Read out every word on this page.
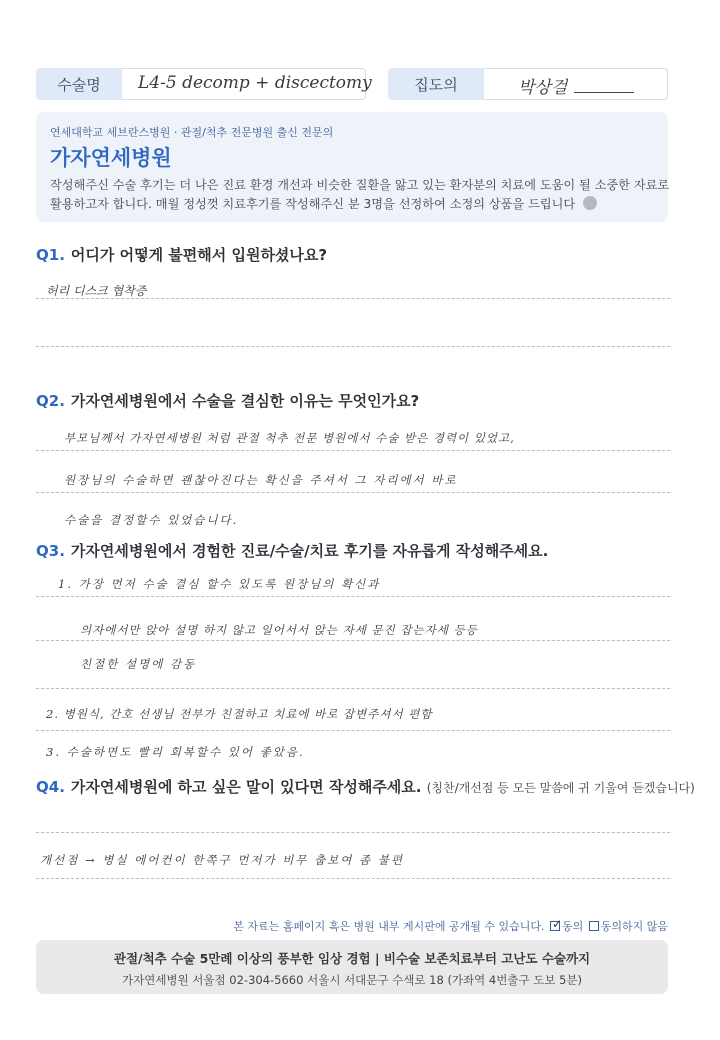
수술명	L4-5 decomp + discectomy	집도의	박상걸
연세대학교 세브란스병원 · 관절/척추 전문병원 출신 전문의
가자연세병원
작성해주신 수술 후기는 더 나은 진료 환경 개선과 비슷한 질환을 앓고 있는 환자분의 치료에 도움이 될 소중한 자료로 활용하고자 합니다. 매월 정성껏 치료후기를 작성해주신 분 3명을 선정하여 소정의 상품을 드립니다
Q1. 어디가 어떻게 불편해서 입원하셨나요?
허리 디스크 협착증
Q2. 가자연세병원에서 수술을 결심한 이유는 무엇인가요?
부모님께서 가자연세병원 처럼 관절 척추 전문 병원에서 수술 받은 경력이 있었고,
원장님의 수술하면 괜찮아진다는 확신을 주셔서 그 자리에서 바로
수술을 결정할수 있었습니다.
Q3. 가자연세병원에서 경험한 진료/수술/치료 후기를 자유롭게 작성해주세요.
1. 가장 먼저 수술 결심 할수 있도록 원장님의 확신과
의자에서만 앉아 설명 하지 않고 일어서서 앉는 자세 문진 잡는자세 등등
친절한 설명에 감동
2. 병원식, 간호 선생님 전부가 친절하고 치료에 바로 잡변주셔서 편함
3. 수술하면도 빨리 회복할수 있어 좋았음.
Q4. 가자연세병원에 하고 싶은 말이 있다면 작성해주세요. (칭찬/개선점 등 모든 말씀에 귀 기울여 듣겠습니다)
개선점 → 병실 에어컨이 한쪽구 먼저가 비무 춥보여 좀 불편
본 자료는 홈페이지 혹은 병원 내부 게시판에 공개될 수 있습니다. ✓ 동의 동의하지 않음
관절/척추 수술 5만례 이상의 풍부한 임상 경험 | 비수술 보존치료부터 고난도 수술까지
가자연세병원 서울점 02-304-5660 서울시 서대문구 수색로 18 (가좌역 4번출구 도보 5분)
